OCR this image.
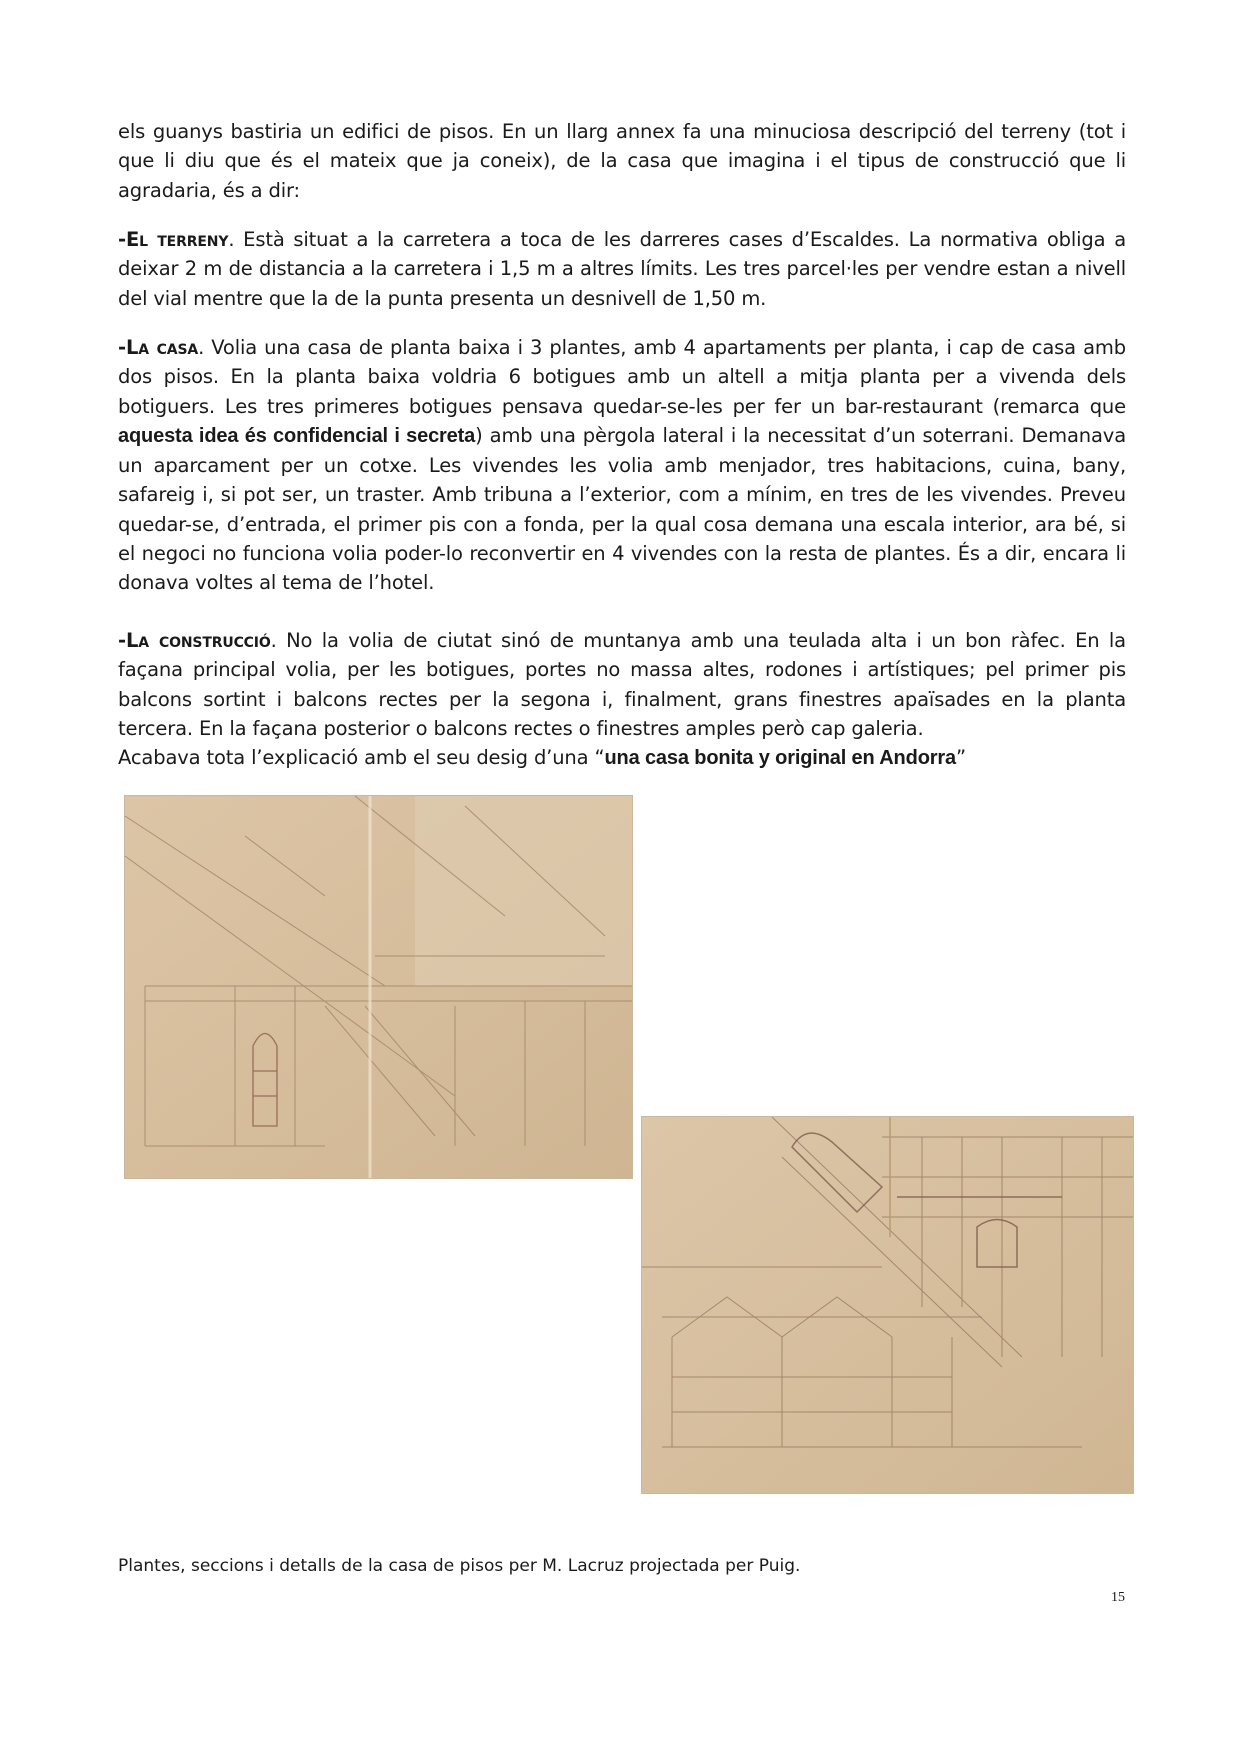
els guanys bastiria un edifici de pisos. En un llarg annex fa una minuciosa descripció del terreny (tot i que li diu que és el mateix que ja coneix), de la casa que imagina i el tipus de construcció que li agradaria, és a dir:

-El terreny. Està situat a la carretera a toca de les darreres cases d’Escaldes. La normativa obliga a deixar 2 m de distancia a la carretera i 1,5 m a altres límits. Les tres parcel·les per vendre estan a nivell del vial mentre que la de la punta presenta un desnivell de 1,50 m.

-La casa. Volia una casa de planta baixa i 3 plantes, amb 4 apartaments per planta, i cap de casa amb dos pisos. En la planta baixa voldria 6 botigues amb un altell a mitja planta per a vivenda dels botiguers. Les tres primeres botigues pensava quedar-se-les per fer un bar-restaurant (remarca que aquesta idea és confidencial i secreta) amb una pèrgola lateral i la necessitat d’un soterrani. Demanava un aparcament per un cotxe. Les vivendes les volia amb menjador, tres habitacions, cuina, bany, safareig i, si pot ser, un traster. Amb tribuna a l’exterior, com a mínim, en tres de les vivendes. Preveu quedar-se, d’entrada, el primer pis con a fonda, per la qual cosa demana una escala interior, ara bé, si el negoci no funciona volia poder-lo reconvertir en 4 vivendes con la resta de plantes. És a dir, encara li donava voltes al tema de l’hotel.

-La construcció. No la volia de ciutat sinó de muntanya amb una teulada alta i un bon ràfec. En la façana principal volia, per les botigues, portes no massa altes, rodones i artístiques; pel primer pis balcons sortint i balcons rectes per la segona i, finalment, grans finestres apaïsades en la planta tercera. En la façana posterior o balcons rectes o finestres amples però cap galeria.

Acabava tota l’explicació amb el seu desig d’una “una casa bonita y original en Andorra”

Plantes, seccions i detalls de la casa de pisos per M. Lacruz projectada per Puig.
15
